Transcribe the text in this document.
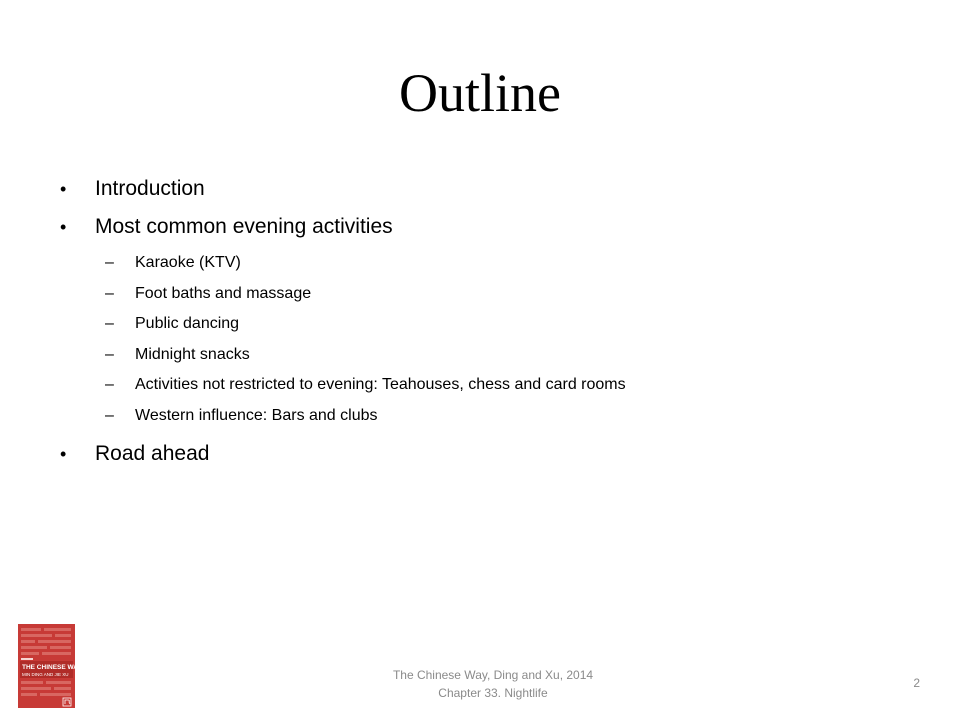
Outline
• Introduction
• Most common evening activities
– Karaoke (KTV)
– Foot baths and massage
– Public dancing
– Midnight snacks
– Activities not restricted to evening: Teahouses, chess and card rooms
– Western influence: Bars and clubs
• Road ahead
THE CHINESE WAY
MIN DING AND JIE XU	The Chinese Way, Ding and Xu, 2014
Chapter 33. Nightlife
2
